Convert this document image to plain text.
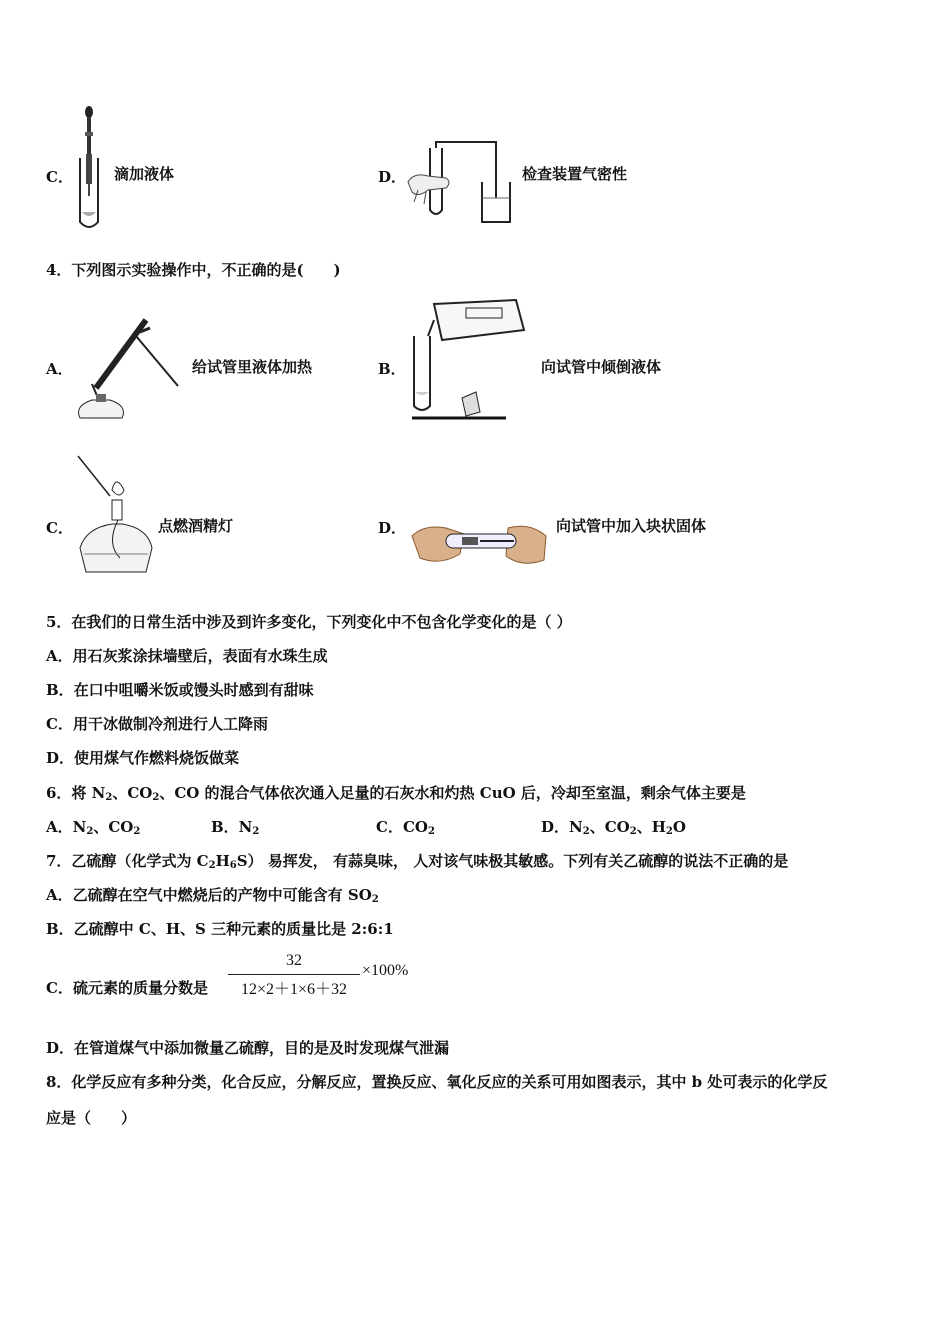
C．	滴加液体	D．	检查装置气密性
4．下列图示实验操作中，不正确的是(　　)
A．	给试管里液体加热	B．	向试管中倾倒液体
C．	点燃酒精灯	D．	向试管中加入块状固体
5．在我们的日常生活中涉及到许多变化，下列变化中不包含化学变化的是（ ）
A．用石灰浆涂抹墙壁后，表面有水珠生成
B．在口中咀嚼米饭或馒头时感到有甜味
C．用干冰做制冷剂进行人工降雨
D．使用煤气作燃料烧饭做菜
6．将 $N_2$、$CO_2$、CO 的混合气体依次通入足量的石灰水和灼热 CuO 后，冷却至室温，剩余气体主要是
A．$N_2$、$CO_2$	B．$N_2$	C．$CO_2$	D．$N_2$、$CO_2$、$H_2O$
7．乙硫醇（化学式为 $C_2H_6S$） 易挥发， 有蒜臭味， 人对该气味极其敏感。下列有关乙硫醇的说法不正确的是
A．乙硫醇在空气中燃烧后的产物中可能含有 $SO_2$
B．乙硫醇中 C、H、S 三种元素的质量比是 2:6:1
C．硫元素的质量分数是
32
12×2＋1×6＋32
×100%
D．在管道煤气中添加微量乙硫醇，目的是及时发现煤气泄漏
8．化学反应有多种分类，化合反应，分解反应，置换反应、氧化反应的关系可用如图表示，其中 b 处可表示的化学反
应是（　　）
